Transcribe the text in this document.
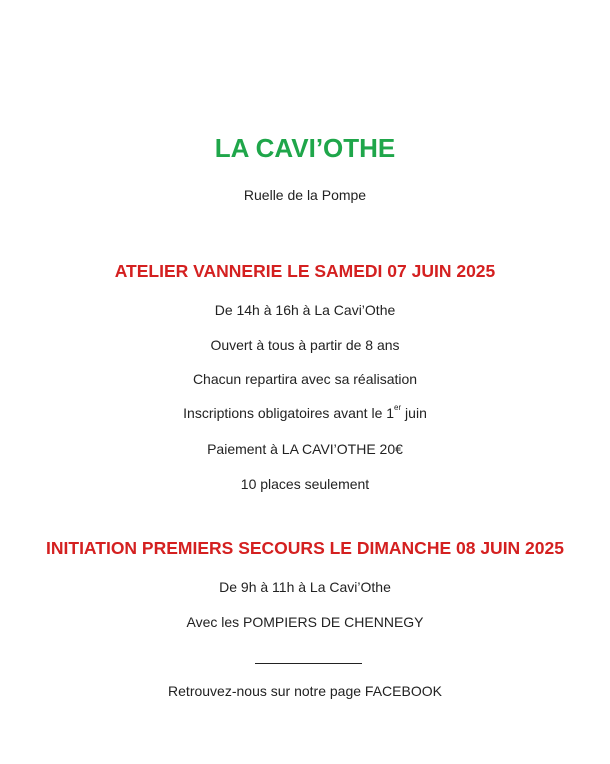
LA CAVI’OTHE
Ruelle de la Pompe
ATELIER VANNERIE LE SAMEDI 07 JUIN 2025
De 14h à 16h à La Cavi’Othe
Ouvert à tous à partir de 8 ans
Chacun repartira avec sa réalisation
Inscriptions obligatoires avant le 1er juin
Paiement à LA CAVI’OTHE 20€
10 places seulement
INITIATION PREMIERS SECOURS LE DIMANCHE 08 JUIN 2025
De 9h à 11h à La Cavi’Othe
Avec les POMPIERS DE CHENNEGY
Retrouvez-nous sur notre page FACEBOOK
